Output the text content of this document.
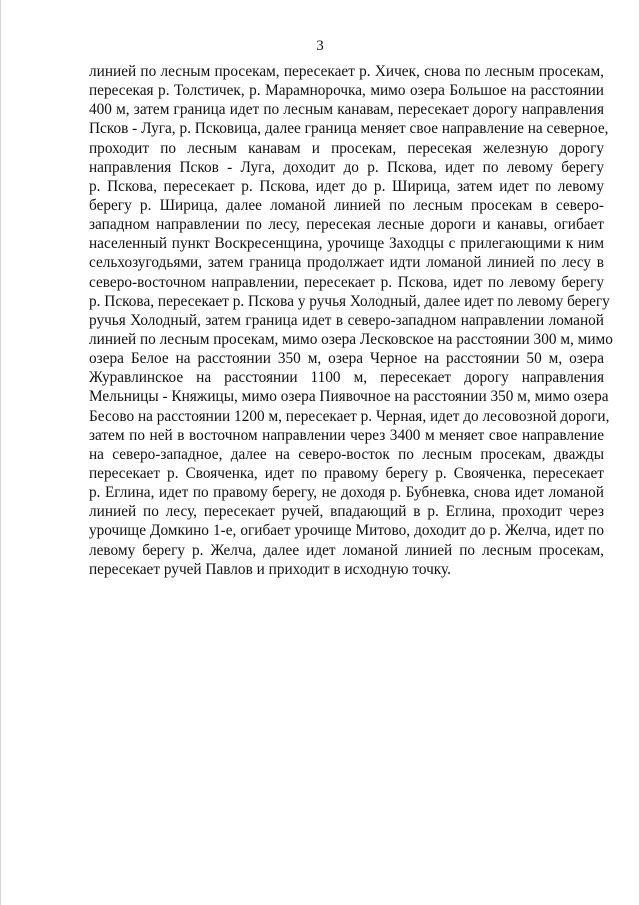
3
линией по лесным просекам, пересекает р. Хичек, снова по лесным просекам,
пересекая р. Толстичек, р. Марамнорочка, мимо озера Большое на расстоянии
400 м, затем граница идет по лесным канавам, пересекает дорогу направления
Псков - Луга, р. Псковица, далее граница меняет свое направление на северное,
проходит по лесным канавам и просекам, пересекая железную дорогу
направления Псков - Луга, доходит до р. Пскова, идет по левому берегу
р. Пскова, пересекает р. Пскова, идет до р. Ширица, затем идет по левому
берегу р. Ширица, далее ломаной линией по лесным просекам в северо-
западном направлении по лесу, пересекая лесные дороги и канавы, огибает
населенный пункт Воскресенщина, урочище Заходцы с прилегающими к ним
сельхозугодьями, затем граница продолжает идти ломаной линией по лесу в
северо-восточном направлении, пересекает р. Пскова, идет по левому берегу
р. Пскова, пересекает р. Пскова у ручья Холодный, далее идет по левому берегу
ручья Холодный, затем граница идет в северо-западном направлении ломаной
линией по лесным просекам, мимо озера Лесковское на расстоянии 300 м, мимо
озера Белое на расстоянии 350 м, озера Черное на расстоянии 50 м, озера
Журавлинское на расстоянии 1100 м, пересекает дорогу направления
Мельницы - Княжицы, мимо озера Пиявочное на расстоянии 350 м, мимо озера
Бесово на расстоянии 1200 м, пересекает р. Черная, идет до лесовозной дороги,
затем по ней в восточном направлении через 3400 м меняет свое направление
на северо-западное, далее на северо-восток по лесным просекам, дважды
пересекает р. Своячeнка, идет по правому берегу р. Своячeнка, пересекает
р. Еглина, идет по правому берегу, не доходя р. Бубневка, снова идет ломаной
линией по лесу, пересекает ручей, впадающий в р. Еглина, проходит через
урочище Домкино 1-е, огибает урочище Митово, доходит до р. Желча, идет по
левому берегу р. Желча, далее идет ломаной линией по лесным просекам,
пересекает ручей Павлов и приходит в исходную точку.
